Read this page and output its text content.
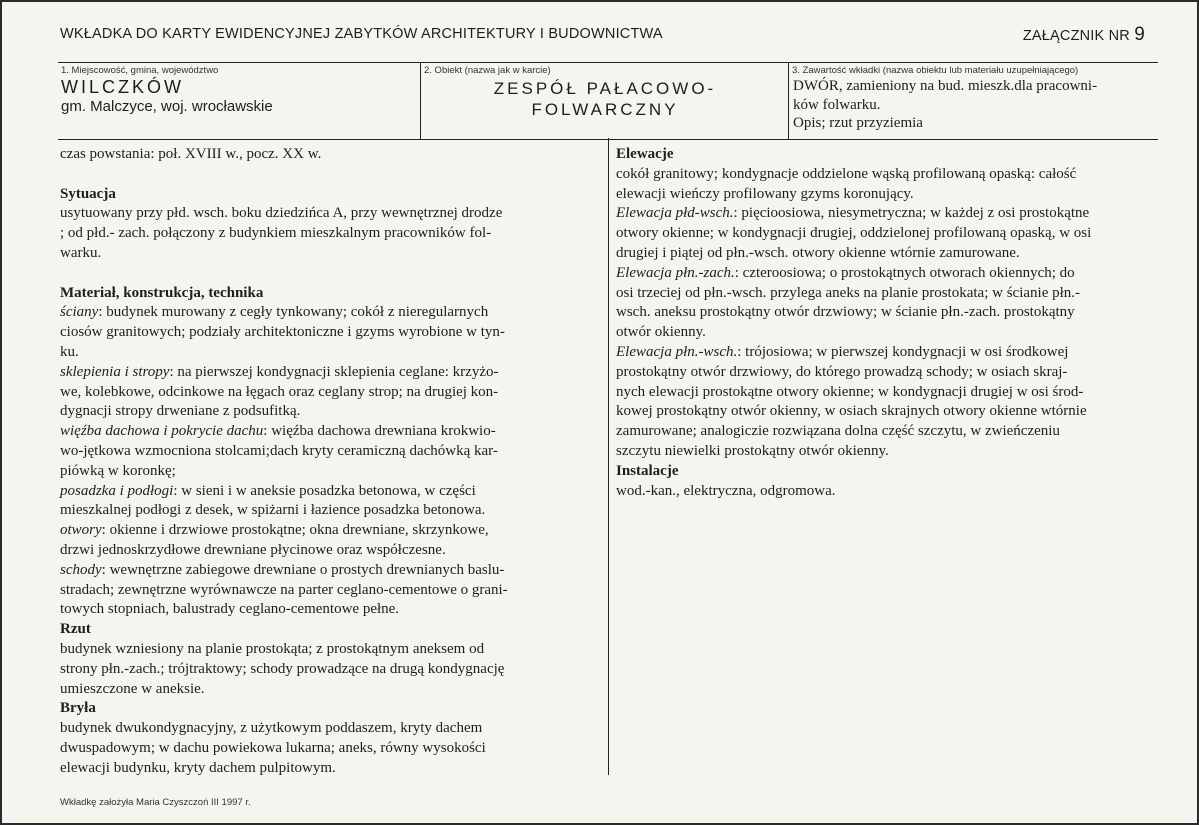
WKŁADKA DO KARTY EWIDENCYJNEJ ZABYTKÓW ARCHITEKTURY I BUDOWNICTWA	ZAŁĄCZNIK NR 9
1. Miejscowość, gmina, województwo
WILCZKÓW
gm. Malczyce, woj. wrocławskie
2. Obiekt (nazwa jak w karcie)
ZESPÓŁ PAŁACOWO-
FOLWARCZNY
3. Zawartość wkładki (nazwa obiektu lub materiału uzupełniającego)
DWÓR, zamieniony na bud. mieszk.dla pracowni-
ków folwarku.
Opis; rzut przyziemia

czas powstania: poł. XVIII w., pocz. XX w.

Sytuacja

usytuowany przy płd. wsch. boku dziedzińca A, przy wewnętrznej drodze

; od płd.- zach. połączony z budynkiem mieszkalnym pracowników fol-

warku.

Materiał, konstrukcja, technika

ściany: budynek murowany z cegły tynkowany; cokół z nieregularnych

ciosów granitowych; podziały architektoniczne i gzyms wyrobione w tyn-

ku.

sklepienia i stropy: na pierwszej kondygnacji sklepienia ceglane: krzyżo-

we, kolebkowe, odcinkowe na łęgach oraz ceglany strop; na drugiej kon-

dygnacji stropy drweniane z podsufitką.

więźba dachowa i pokrycie dachu: więźba dachowa drewniana krokwio-

wo-jętkowa wzmocniona stolcami;dach kryty ceramiczną dachówką kar-

piówką w koronkę;

posadzka i podłogi: w sieni i w aneksie posadzka betonowa, w części

mieszkalnej podłogi z desek, w spiżarni i łazience posadzka betonowa.

otwory: okienne i drzwiowe prostokątne; okna drewniane, skrzynkowe,

drzwi jednoskrzydłowe drewniane płycinowe oraz współczesne.

schody: wewnętrzne zabiegowe drewniane o prostych drewnianych baslu-

stradach; zewnętrzne wyrównawcze na parter ceglano-cementowe o grani-

towych stopniach, balustrady ceglano-cementowe pełne.

Rzut

budynek wzniesiony na planie prostokąta; z prostokątnym aneksem od

strony płn.-zach.; trójtraktowy; schody prowadzące na drugą kondygnację

umieszczone w aneksie.

Bryła

budynek dwukondygnacyjny, z użytkowym poddaszem, kryty dachem

dwuspadowym; w dachu powiekowa lukarna; aneks, równy wysokości

elewacji budynku, kryty dachem pulpitowym.

Elewacje

cokół granitowy; kondygnacje oddzielone wąską profilowaną opaską: całość

elewacji wieńczy profilowany gzyms koronujący.

Elewacja płd-wsch.: pięcioosiowa, niesymetryczna; w każdej z osi prostokątne

otwory okienne; w kondygnacji drugiej, oddzielonej profilowaną opaską, w osi

drugiej i piątej od płn.-wsch. otwory okienne wtórnie zamurowane.

Elewacja płn.-zach.: czteroosiowa; o prostokątnych otworach okiennych; do

osi trzeciej od płn.-wsch. przylega aneks na planie prostokata; w ścianie płn.-

wsch. aneksu prostokątny otwór drzwiowy; w ścianie płn.-zach. prostokątny

otwór okienny.

Elewacja płn.-wsch.: trójosiowa; w pierwszej kondygnacji w osi środkowej

prostokątny otwór drzwiowy, do którego prowadzą schody; w osiach skraj-

nych elewacji prostokątne otwory okienne; w kondygnacji drugiej w osi środ-

kowej prostokątny otwór okienny, w osiach skrajnych otwory okienne wtórnie

zamurowane; analogiczie rozwiązana dolna część szczytu, w zwieńczeniu

szczytu niewielki prostokątny otwór okienny.

Instalacje

wod.-kan., elektryczna, odgromowa.

Wkładkę założyła Maria Czyszczoń III 1997 r.
